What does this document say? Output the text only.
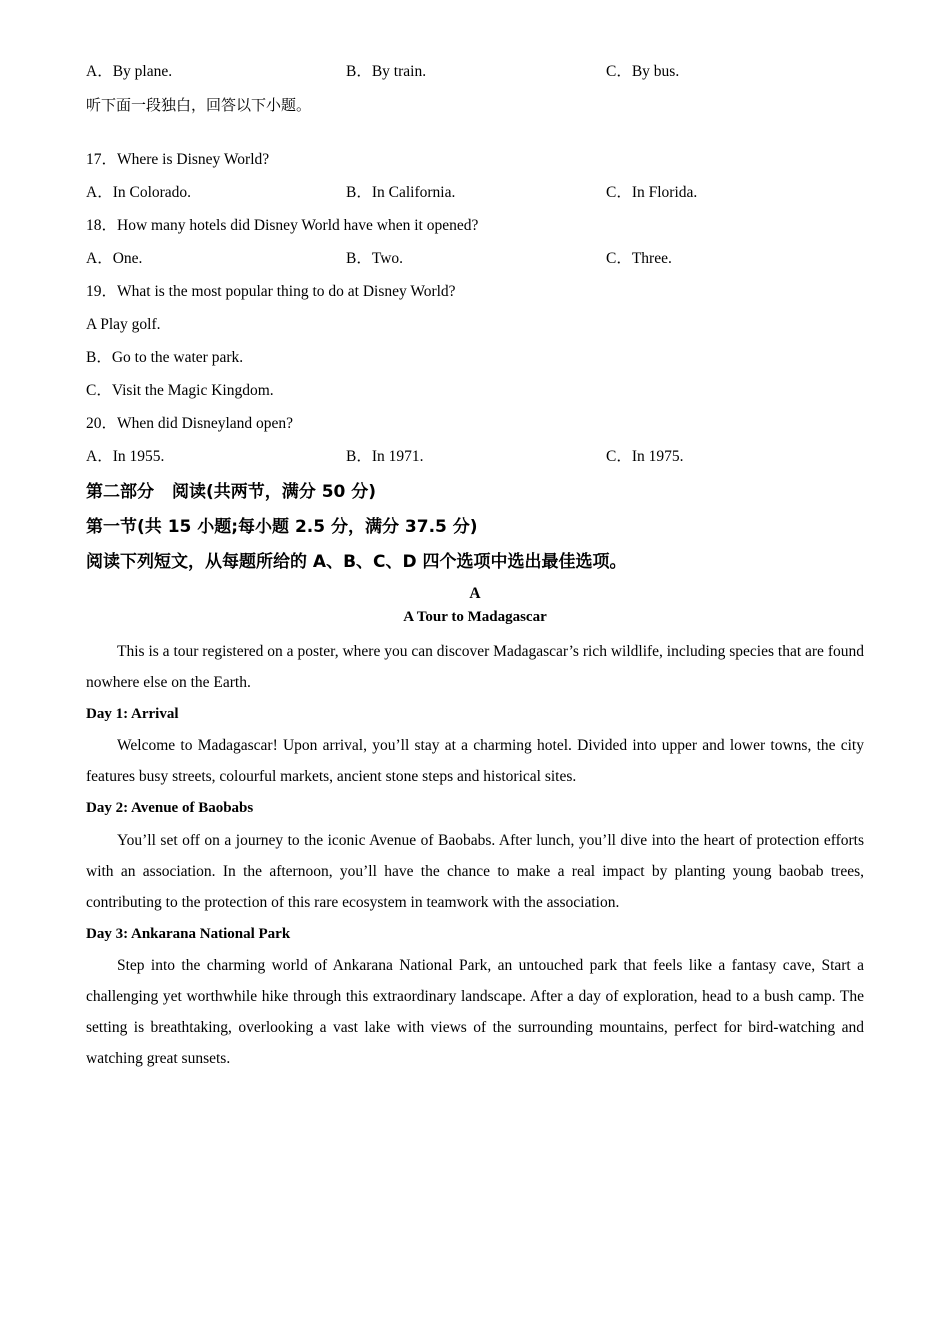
A．By plane.	B．By train.	C．By bus.
听下面一段独白，回答以下小题。
17．Where is Disney World?
A．In Colorado.	B．In California.	C．In Florida.
18．How many hotels did Disney World have when it opened?
A．One.	B．Two.	C．Three.
19．What is the most popular thing to do at Disney World?
A Play golf.
B．Go to the water park.
C．Visit the Magic Kingdom.
20．When did Disneyland open?
A．In 1955.	B．In 1971.	C．In 1975.
第二部分 阅读(共两节，满分 50 分)
第一节(共 15 小题;每小题 2.5 分，满分 37.5 分)
阅读下列短文，从每题所给的 A、B、C、D 四个选项中选出最佳选项。
A
A Tour to Madagascar

This is a tour registered on a poster, where you can discover Madagascar’s rich wildlife, including species that are found nowhere else on the Earth.

Day 1: Arrival

Welcome to Madagascar! Upon arrival, you’ll stay at a charming hotel. Divided into upper and lower towns, the city features busy streets, colourful markets, ancient stone steps and historical sites.

Day 2: Avenue of Baobabs

You’ll set off on a journey to the iconic Avenue of Baobabs. After lunch, you’ll dive into the heart of protection efforts with an association. In the afternoon, you’ll have the chance to make a real impact by planting young baobab trees, contributing to the protection of this rare ecosystem in teamwork with the association.

Day 3: Ankarana National Park

Step into the charming world of Ankarana National Park, an untouched park that feels like a fantasy cave, Start a challenging yet worthwhile hike through this extraordinary landscape. After a day of exploration, head to a bush camp. The setting is breathtaking, overlooking a vast lake with views of the surrounding mountains, perfect for bird-watching and watching great sunsets.
